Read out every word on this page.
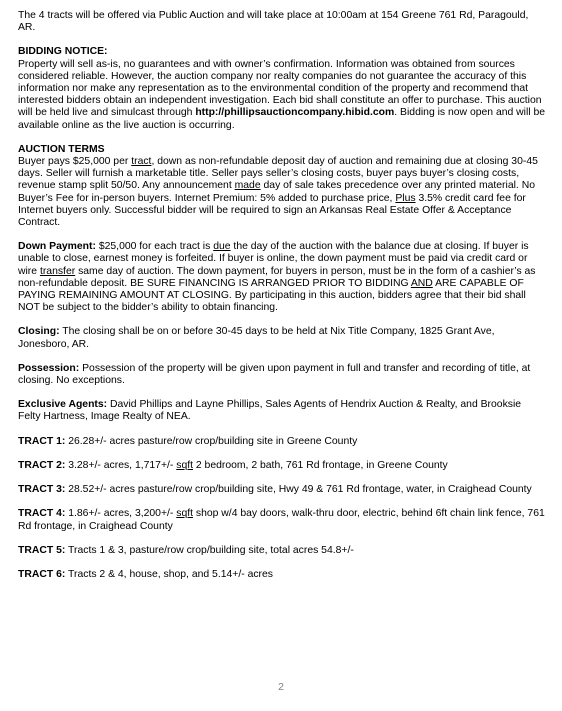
The 4 tracts will be offered via Public Auction and will take place at 10:00am at 154 Greene 761 Rd, Paragould, AR.

BIDDING NOTICE:
Property will sell as-is, no guarantees and with owner’s confirmation. Information was obtained from sources considered reliable. However, the auction company nor realty companies do not guarantee the accuracy of this information nor make any representation as to the environmental condition of the property and recommend that interested bidders obtain an independent investigation. Each bid shall constitute an offer to purchase. This auction will be held live and simulcast through http://phillipsauctioncompany.hibid.com. Bidding is now open and will be available online as the live auction is occurring.

AUCTION TERMS
Buyer pays $25,000 per tract, down as non-refundable deposit day of auction and remaining due at closing 30-45 days. Seller will furnish a marketable title. Seller pays seller’s closing costs, buyer pays buyer’s closing costs, revenue stamp split 50/50. Any announcement made day of sale takes precedence over any printed material. No Buyer’s Fee for in-person buyers. Internet Premium: 5% added to purchase price, Plus 3.5% credit card fee for Internet buyers only. Successful bidder will be required to sign an Arkansas Real Estate Offer & Acceptance Contract.

Down Payment: $25,000 for each tract is due the day of the auction with the balance due at closing. If buyer is unable to close, earnest money is forfeited. If buyer is online, the down payment must be paid via credit card or wire transfer same day of auction. The down payment, for buyers in person, must be in the form of a cashier’s as non-refundable deposit. BE SURE FINANCING IS ARRANGED PRIOR TO BIDDING AND ARE CAPABLE OF PAYING REMAINING AMOUNT AT CLOSING. By participating in this auction, bidders agree that their bid shall NOT be subject to the bidder’s ability to obtain financing.

Closing: The closing shall be on or before 30-45 days to be held at Nix Title Company, 1825 Grant Ave, Jonesboro, AR.

Possession: Possession of the property will be given upon payment in full and transfer and recording of title, at closing. No exceptions.

Exclusive Agents: David Phillips and Layne Phillips, Sales Agents of Hendrix Auction & Realty, and Brooksie Felty Hartness, Image Realty of NEA.

TRACT 1: 26.28+/- acres pasture/row crop/building site in Greene County

TRACT 2: 3.28+/- acres, 1,717+/- sqft 2 bedroom, 2 bath, 761 Rd frontage, in Greene County

TRACT 3: 28.52+/- acres pasture/row crop/building site, Hwy 49 & 761 Rd frontage, water, in Craighead County

TRACT 4: 1.86+/- acres, 3,200+/- sqft shop w/4 bay doors, walk-thru door, electric, behind 6ft chain link fence, 761 Rd frontage, in Craighead County

TRACT 5: Tracts 1 & 3, pasture/row crop/building site, total acres 54.8+/-

TRACT 6: Tracts 2 & 4, house, shop, and 5.14+/- acres

2
